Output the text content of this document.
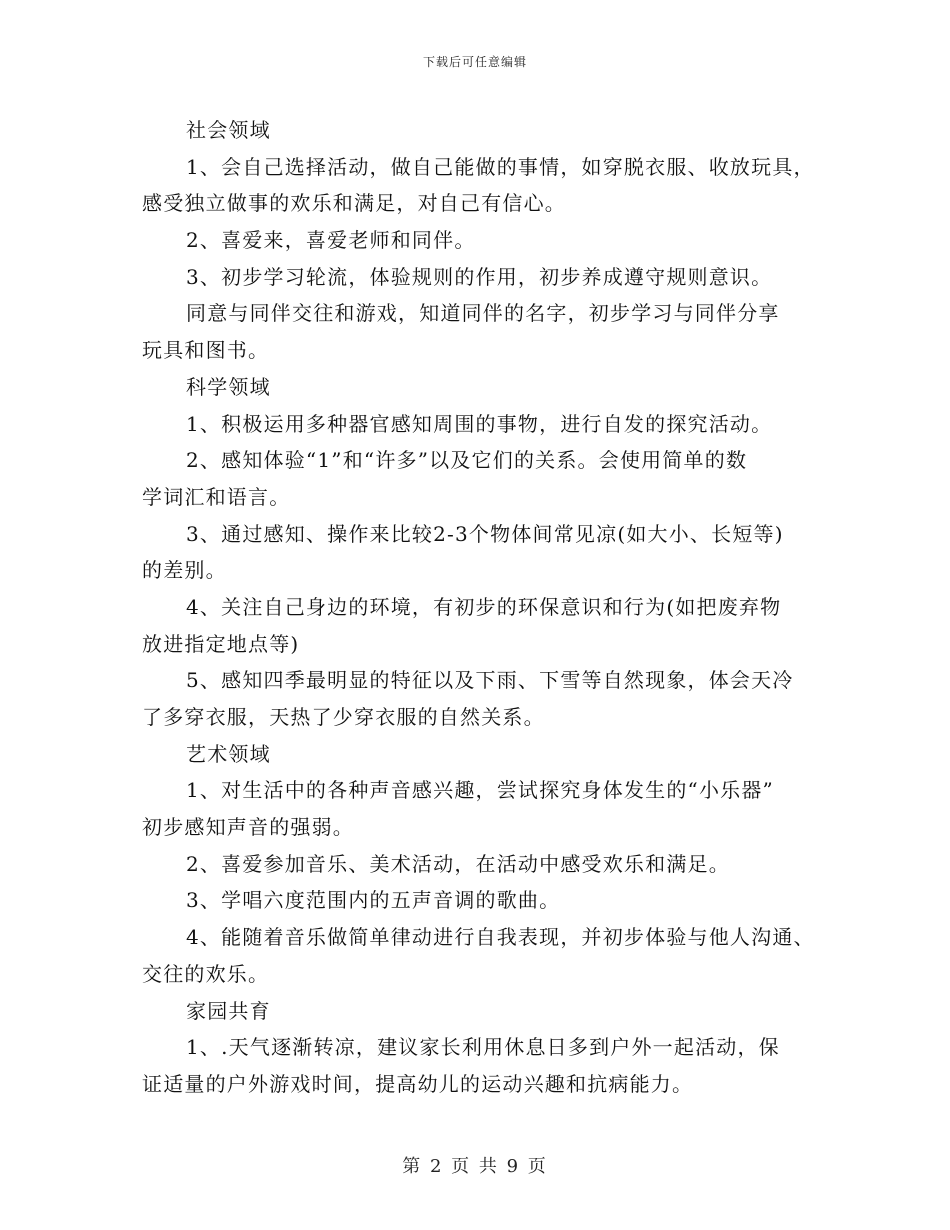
下载后可任意编辑
社会领域
1、会自己选择活动，做自己能做的事情，如穿脱衣服、收放玩具，
感受独立做事的欢乐和满足，对自己有信心。
2、喜爱来，喜爱老师和同伴。
3、初步学习轮流，体验规则的作用，初步养成遵守规则意识。
同意与同伴交往和游戏，知道同伴的名字，初步学习与同伴分享
玩具和图书。
科学领域
1、积极运用多种器官感知周围的事物，进行自发的探究活动。
2、感知体验“1”和“许多”以及它们的关系。会使用简单的数
学词汇和语言。
3、通过感知、操作来比较2-3个物体间常见凉(如大小、长短等)
的差别。
4、关注自己身边的环境，有初步的环保意识和行为(如把废弃物
放进指定地点等)
5、感知四季最明显的特征以及下雨、下雪等自然现象，体会天冷
了多穿衣服，天热了少穿衣服的自然关系。
艺术领域
1、对生活中的各种声音感兴趣，尝试探究身体发生的“小乐器”
初步感知声音的强弱。
2、喜爱参加音乐、美术活动，在活动中感受欢乐和满足。
3、学唱六度范围内的五声音调的歌曲。
4、能随着音乐做简单律动进行自我表现，并初步体验与他人沟通、
交往的欢乐。
家园共育
1、.天气逐渐转凉，建议家长利用休息日多到户外一起活动，保
证适量的户外游戏时间，提高幼儿的运动兴趣和抗病能力。
第 2 页 共 9 页
